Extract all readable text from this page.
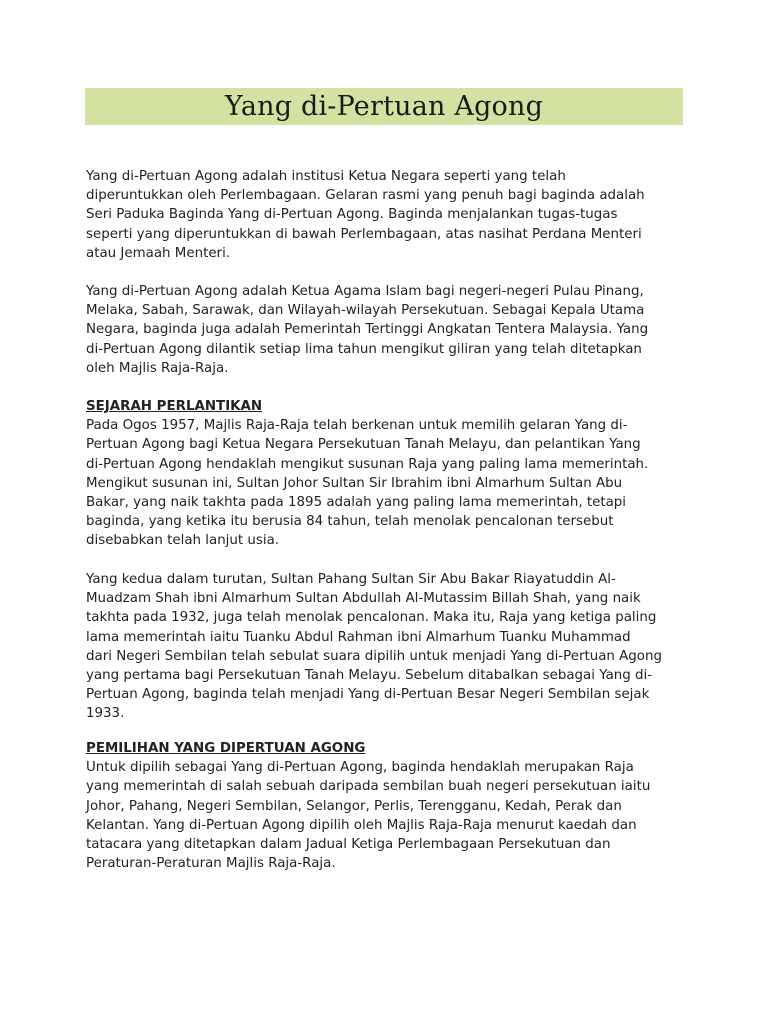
Yang di-Pertuan Agong
Yang di-Pertuan Agong adalah institusi Ketua Negara seperti yang telah
diperuntukkan oleh Perlembagaan. Gelaran rasmi yang penuh bagi baginda adalah
Seri Paduka Baginda Yang di-Pertuan Agong. Baginda menjalankan tugas-tugas
seperti yang diperuntukkan di bawah Perlembagaan, atas nasihat Perdana Menteri
atau Jemaah Menteri.
Yang di-Pertuan Agong adalah Ketua Agama Islam bagi negeri-negeri Pulau Pinang,
Melaka, Sabah, Sarawak, dan Wilayah-wilayah Persekutuan. Sebagai Kepala Utama
Negara, baginda juga adalah Pemerintah Tertinggi Angkatan Tentera Malaysia. Yang
di-Pertuan Agong dilantik setiap lima tahun mengikut giliran yang telah ditetapkan
oleh Majlis Raja-Raja.
SEJARAH PERLANTIKAN
Pada Ogos 1957, Majlis Raja-Raja telah berkenan untuk memilih gelaran Yang di-
Pertuan Agong bagi Ketua Negara Persekutuan Tanah Melayu, dan pelantikan Yang
di-Pertuan Agong hendaklah mengikut susunan Raja yang paling lama memerintah.
Mengikut susunan ini, Sultan Johor Sultan Sir Ibrahim ibni Almarhum Sultan Abu
Bakar, yang naik takhta pada 1895 adalah yang paling lama memerintah, tetapi
baginda, yang ketika itu berusia 84 tahun, telah menolak pencalonan tersebut
disebabkan telah lanjut usia.
Yang kedua dalam turutan, Sultan Pahang Sultan Sir Abu Bakar Riayatuddin Al-
Muadzam Shah ibni Almarhum Sultan Abdullah Al-Mutassim Billah Shah, yang naik
takhta pada 1932, juga telah menolak pencalonan. Maka itu, Raja yang ketiga paling
lama memerintah iaitu Tuanku Abdul Rahman ibni Almarhum Tuanku Muhammad
dari Negeri Sembilan telah sebulat suara dipilih untuk menjadi Yang di-Pertuan Agong
yang pertama bagi Persekutuan Tanah Melayu. Sebelum ditabalkan sebagai Yang di-
Pertuan Agong, baginda telah menjadi Yang di-Pertuan Besar Negeri Sembilan sejak
1933.
PEMILIHAN YANG DIPERTUAN AGONG
Untuk dipilih sebagai Yang di-Pertuan Agong, baginda hendaklah merupakan Raja
yang memerintah di salah sebuah daripada sembilan buah negeri persekutuan iaitu
Johor, Pahang, Negeri Sembilan, Selangor, Perlis, Terengganu, Kedah, Perak dan
Kelantan. Yang di-Pertuan Agong dipilih oleh Majlis Raja-Raja menurut kaedah dan
tatacara yang ditetapkan dalam Jadual Ketiga Perlembagaan Persekutuan dan
Peraturan-Peraturan Majlis Raja-Raja.
